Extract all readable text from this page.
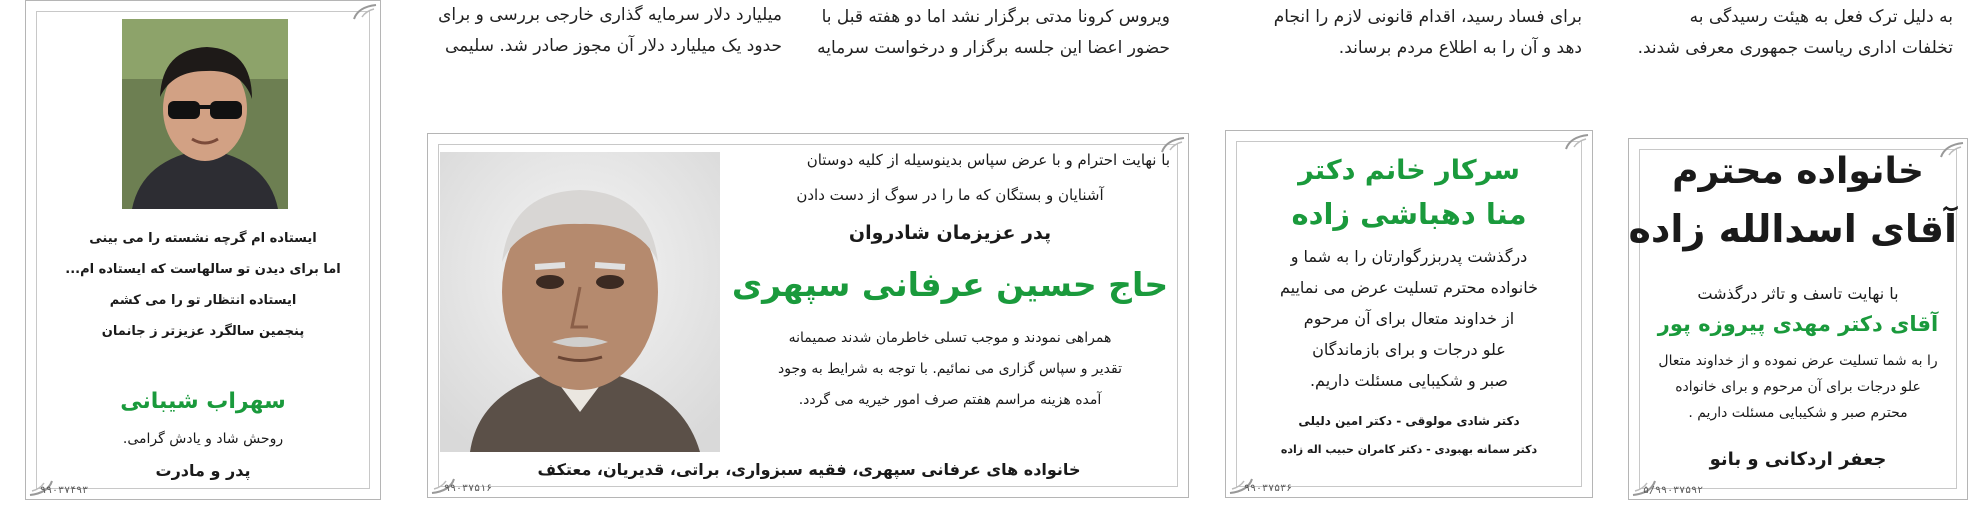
به دلیل ترک فعل به هیئت رسیدگی به
تخلفات اداری ریاست جمهوری معرفی شدند.
برای فساد رسید، اقدام قانونی لازم را انجام
دهد و آن را به اطلاع مردم برساند.
ویروس کرونا مدتی برگزار نشد اما دو هفته قبل با
حضور اعضا این جلسه برگزار و درخواست سرمایه
میلیارد دلار سرمایه گذاری خارجی بررسی و برای
حدود یک میلیارد دلار آن مجوز صادر شد. سلیمی
خانواده محترم
آقای اسدالله زاده
با نهایت تاسف و تاثر درگذشت
آقای دکتر مهدی پیروزه پور
را به شما تسلیت عرض نموده و از خداوند متعال
علو درجات برای آن مرحوم و برای خانواده
محترم صبر و شکیبایی مسئلت داریم .
جعفر اردکانی و بانو
۵/۹۹۰۳۷۵۹۲
سرکار خانم دکتر
منا دهباشی زاده
درگذشت پدربزرگوارتان را به شما و
خانواده محترم تسلیت عرض می نماییم
از خداوند متعال برای آن مرحوم
علو درجات و برای بازماندگان
صبر و شکیبایی مسئلت داریم.
دکتر شادی مولوقی - دکتر امین دلیلی
دکتر سمانه بهبودی - دکتر کامران حبیب اله زاده
۹۹۰۳۷۵۳۶
با نهایت احترام و با عرض سپاس بدینوسیله از کلیه دوستان
آشنایان و بستگان که ما را در سوگ از دست دادن
پدر عزیزمان شادروان
حاج حسین عرفانی سپهری
همراهی نمودند و موجب تسلی خاطرمان شدند صمیمانه
تقدیر و سپاس گزاری می نمائیم. با توجه به شرایط به وجود
آمده هزینه مراسم هفتم صرف امور خیریه می گردد.
خانواده های عرفانی سپهری، فقیه سبزواری، براتی، قدیریان، معتکف
۹۹۰۳۷۵۱۶
ایستاده ام گرچه نشسته را می بینی
اما برای دیدن تو سالهاست که ایستاده ام...
ایستاده انتظار تو را می کشم
پنجمین سالگرد عزیزتر ز جانمان
سهراب شیبانی
روحش شاد و یادش گرامی.
پدر و مادرت
۹۹۰۳۷۴۹۳
